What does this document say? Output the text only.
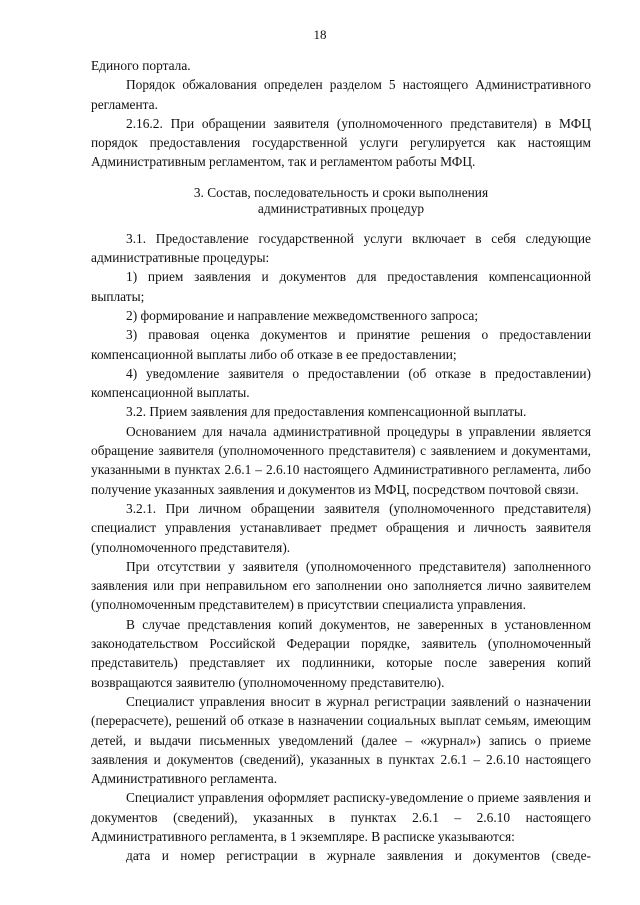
18

Единого портала.

Порядок обжалования определен разделом 5 настоящего Административного регламента.

2.16.2. При обращении заявителя (уполномоченного представителя) в МФЦ порядок предоставления государственной услуги регулируется как настоящим Административным регламентом, так и регламентом работы МФЦ.

3. Состав, последовательность и сроки выполнения
административных процедур

3.1. Предоставление государственной услуги включает в себя следующие административные процедуры:

1) прием заявления и документов для предоставления компенсационной выплаты;

2) формирование и направление межведомственного запроса;

3) правовая оценка документов и принятие решения о предоставлении компенсационной выплаты либо об отказе в ее предоставлении;

4) уведомление заявителя о предоставлении (об отказе в предоставлении) компенсационной выплаты.

3.2. Прием заявления для предоставления компенсационной выплаты.

Основанием для начала административной процедуры в управлении является обращение заявителя (уполномоченного представителя) с заявлением и документами, указанными в пунктах 2.6.1 – 2.6.10 настоящего Административного регламента, либо получение указанных заявления и документов из МФЦ, посредством почтовой связи.

3.2.1. При личном обращении заявителя (уполномоченного представителя) специалист управления устанавливает предмет обращения и личность заявителя (уполномоченного представителя).

При отсутствии у заявителя (уполномоченного представителя) заполненного заявления или при неправильном его заполнении оно заполняется лично заявителем (уполномоченным представителем) в присутствии специалиста управления.

В случае представления копий документов, не заверенных в установленном законодательством Российской Федерации порядке, заявитель (уполномоченный представитель) представляет их подлинники, которые после заверения копий возвращаются заявителю (уполномоченному представителю).

Специалист управления вносит в журнал регистрации заявлений о назначении (перерасчете), решений об отказе в назначении социальных выплат семьям, имеющим детей, и выдачи письменных уведомлений (далее – «журнал») запись о приеме заявления и документов (сведений), указанных в пунктах 2.6.1 – 2.6.10 настоящего Административного регламента.

Специалист управления оформляет расписку-уведомление о приеме заявления и документов (сведений), указанных в пунктах 2.6.1 – 2.6.10 настоящего Административного регламента, в 1 экземпляре. В расписке указываются:

дата и номер регистрации в журнале заявления и документов (сведе-
